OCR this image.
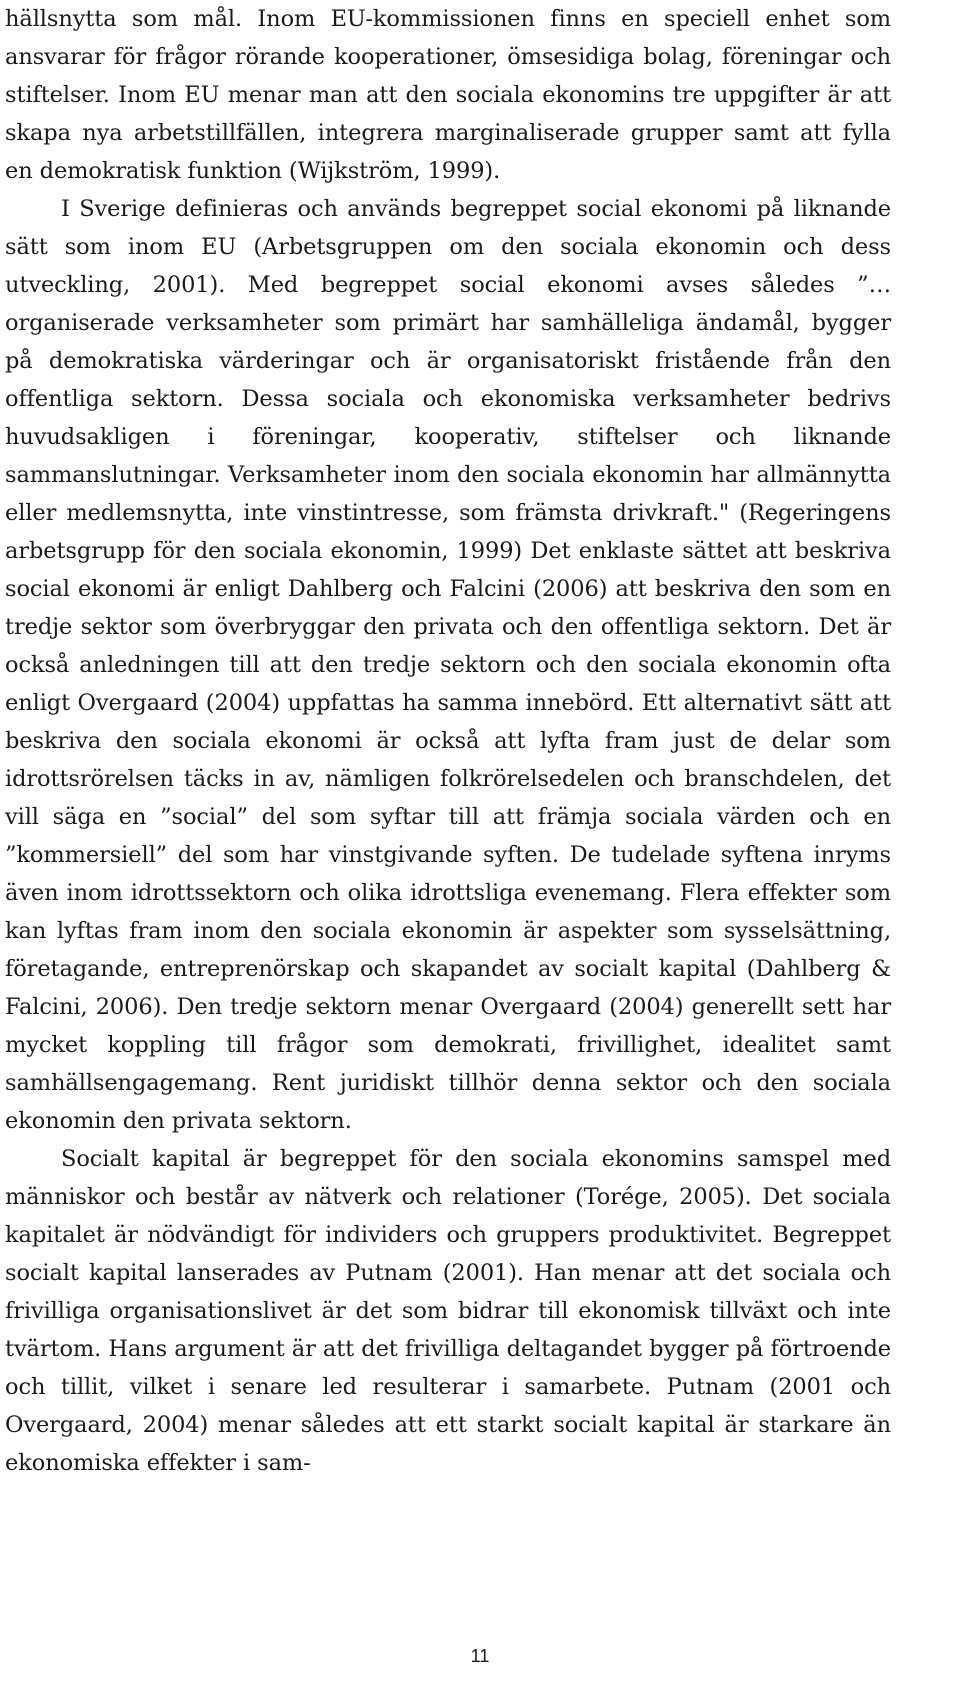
hällsnytta som mål. Inom EU-kommissionen finns en speciell enhet som ansvarar för frågor rörande kooperationer, ömsesidiga bolag, föreningar och stiftelser. Inom EU menar man att den sociala ekonomins tre uppgifter är att skapa nya arbetstillfällen, integrera marginaliserade grupper samt att fylla en demokratisk funktion (Wijkström, 1999).

I Sverige definieras och används begreppet social ekonomi på liknande sätt som inom EU (Arbetsgruppen om den sociala ekonomin och dess utveckling, 2001). Med begreppet social ekonomi avses således ”…organiserade verksamheter som primärt har samhälleliga ändamål, bygger på demokratiska värderingar och är organisatoriskt fristående från den offentliga sektorn. Dessa sociala och ekonomiska verksamheter bedrivs huvudsakligen i föreningar, kooperativ, stiftelser och liknande sammanslutningar. Verksamheter inom den sociala ekonomin har allmännytta eller medlemsnytta, inte vinstintresse, som främsta drivkraft." (Regeringens arbetsgrupp för den sociala ekonomin, 1999) Det enklaste sättet att beskriva social ekonomi är enligt Dahlberg och Falcini (2006) att beskriva den som en tredje sektor som överbryggar den privata och den offentliga sektorn. Det är också anledningen till att den tredje sektorn och den sociala ekonomin ofta enligt Overgaard (2004) uppfattas ha samma innebörd. Ett alternativt sätt att beskriva den sociala ekonomi är också att lyfta fram just de delar som idrottsrörelsen täcks in av, nämligen folkrörelsedelen och branschdelen, det vill säga en ”social” del som syftar till att främja sociala värden och en ”kommersiell” del som har vinstgivande syften. De tudelade syftena inryms även inom idrottssektorn och olika idrottsliga evenemang. Flera effekter som kan lyftas fram inom den sociala ekonomin är aspekter som sysselsättning, företagande, entreprenörskap och skapandet av socialt kapital (Dahlberg & Falcini, 2006). Den tredje sektorn menar Overgaard (2004) generellt sett har mycket koppling till frågor som demokrati, frivillighet, idealitet samt samhällsengagemang. Rent juridiskt tillhör denna sektor och den sociala ekonomin den privata sektorn.

Socialt kapital är begreppet för den sociala ekonomins samspel med människor och består av nätverk och relationer (Torége, 2005). Det sociala kapitalet är nödvändigt för individers och gruppers produktivitet. Begreppet socialt kapital lanserades av Putnam (2001). Han menar att det sociala och frivilliga organisationslivet är det som bidrar till ekonomisk tillväxt och inte tvärtom. Hans argument är att det frivilliga deltagandet bygger på förtroende och tillit, vilket i senare led resulterar i samarbete. Putnam (2001 och Overgaard, 2004) menar således att ett starkt socialt kapital är starkare än ekonomiska effekter i sam-

11
